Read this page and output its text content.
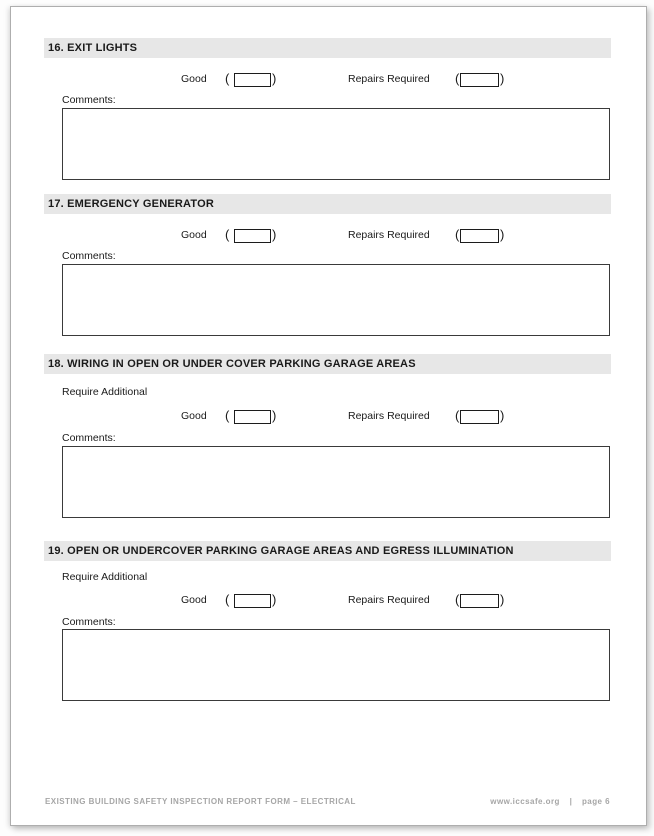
16. EXIT LIGHTS
Good (	)	Repairs Required (	)
Comments:
17. EMERGENCY GENERATOR
Good (	)	Repairs Required (	)
Comments:
18. WIRING IN OPEN OR UNDER COVER PARKING GARAGE AREAS
Require Additional
Good (	)	Repairs Required (	)
Comments:
19. OPEN OR UNDERCOVER PARKING GARAGE AREAS AND EGRESS ILLUMINATION
Require Additional
Good (	)	Repairs Required (	)
Comments:
EXISTING BUILDING SAFETY INSPECTION REPORT FORM – ELECTRICAL	www.iccsafe.org | page 6
